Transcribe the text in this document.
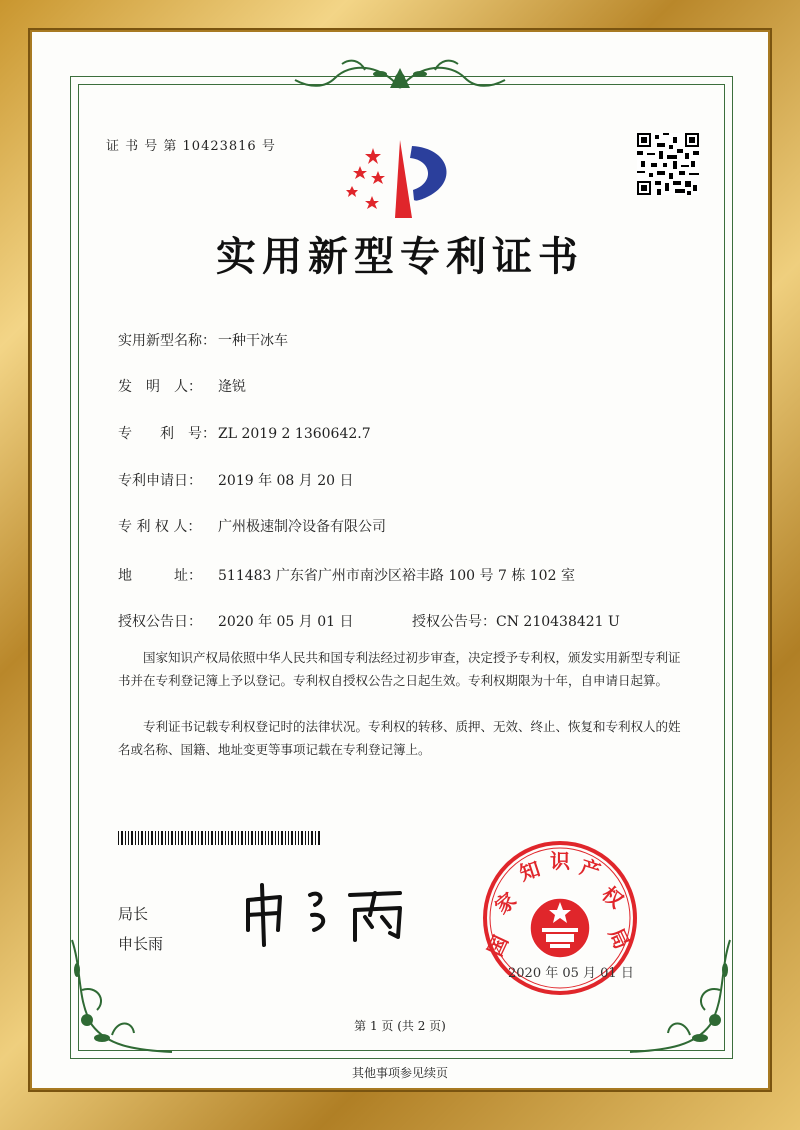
证 书 号 第 10423816 号
实用新型专利证书
实用新型名称： 一种干冰车
发　明　人： 逄锐
专　　利　号： ZL 2019 2 1360642.7
专利申请日： 2019 年 08 月 20 日
专 利 权 人： 广州极速制冷设备有限公司
地　　　址： 511483 广东省广州市南沙区裕丰路 100 号 7 栋 102 室
授权公告日： 2020 年 05 月 01 日	授权公告号：CN 210438421 U
国家知识产权局依照中华人民共和国专利法经过初步审查，决定授予专利权，颁发实用新型专利证书并在专利登记簿上予以登记。专利权自授权公告之日起生效。专利权期限为十年，自申请日起算。
专利证书记载专利权登记时的法律状况。专利权的转移、质押、无效、终止、恢复和专利权人的姓名或名称、国籍、地址变更等事项记载在专利登记簿上。
局长
申长雨	国
家
知 识 产
权
局
2020 年 05 月 01 日
第 1 页 (共 2 页)
其他事项参见续页
